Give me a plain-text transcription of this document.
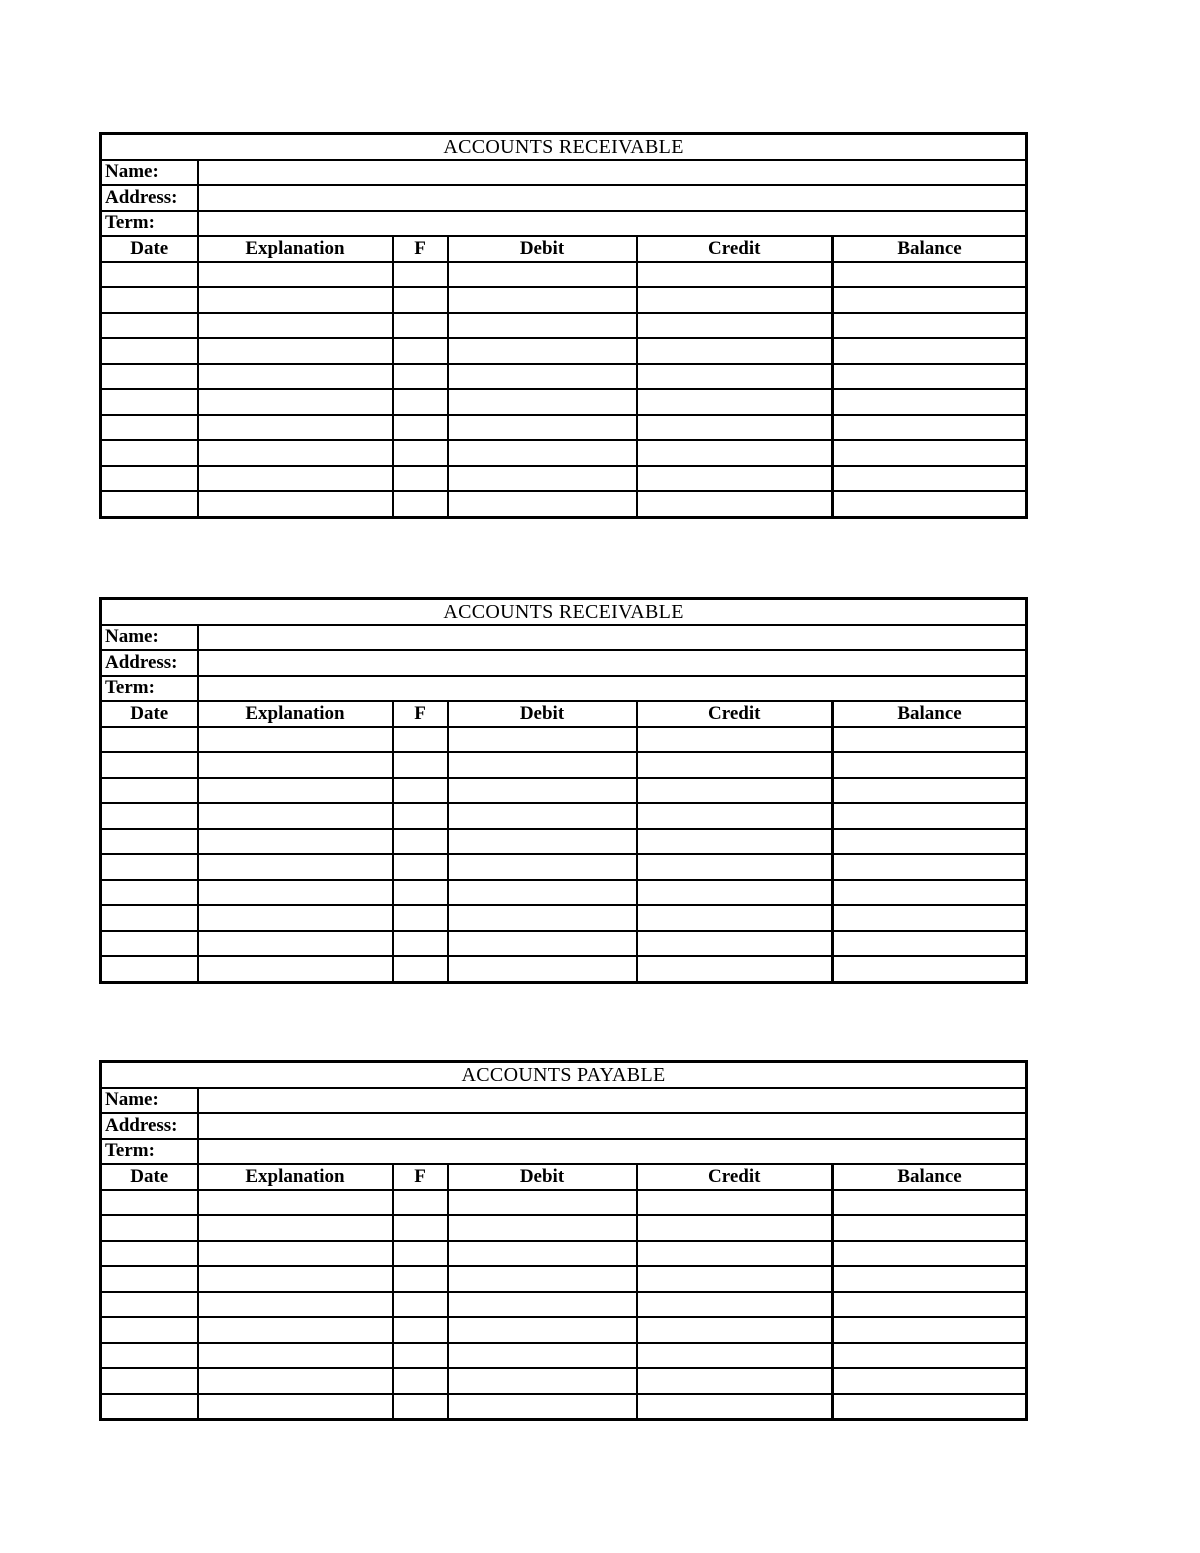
ACCOUNTS RECEIVABLE					
Name:					
Address:					
Term:					
Date	Explanation	F	Debit	Credit	Balance

ACCOUNTS RECEIVABLE					
Name:					
Address:					
Term:					
Date	Explanation	F	Debit	Credit	Balance

ACCOUNTS PAYABLE					
Name:					
Address:					
Term:					
Date	Explanation	F	Debit	Credit	Balance
